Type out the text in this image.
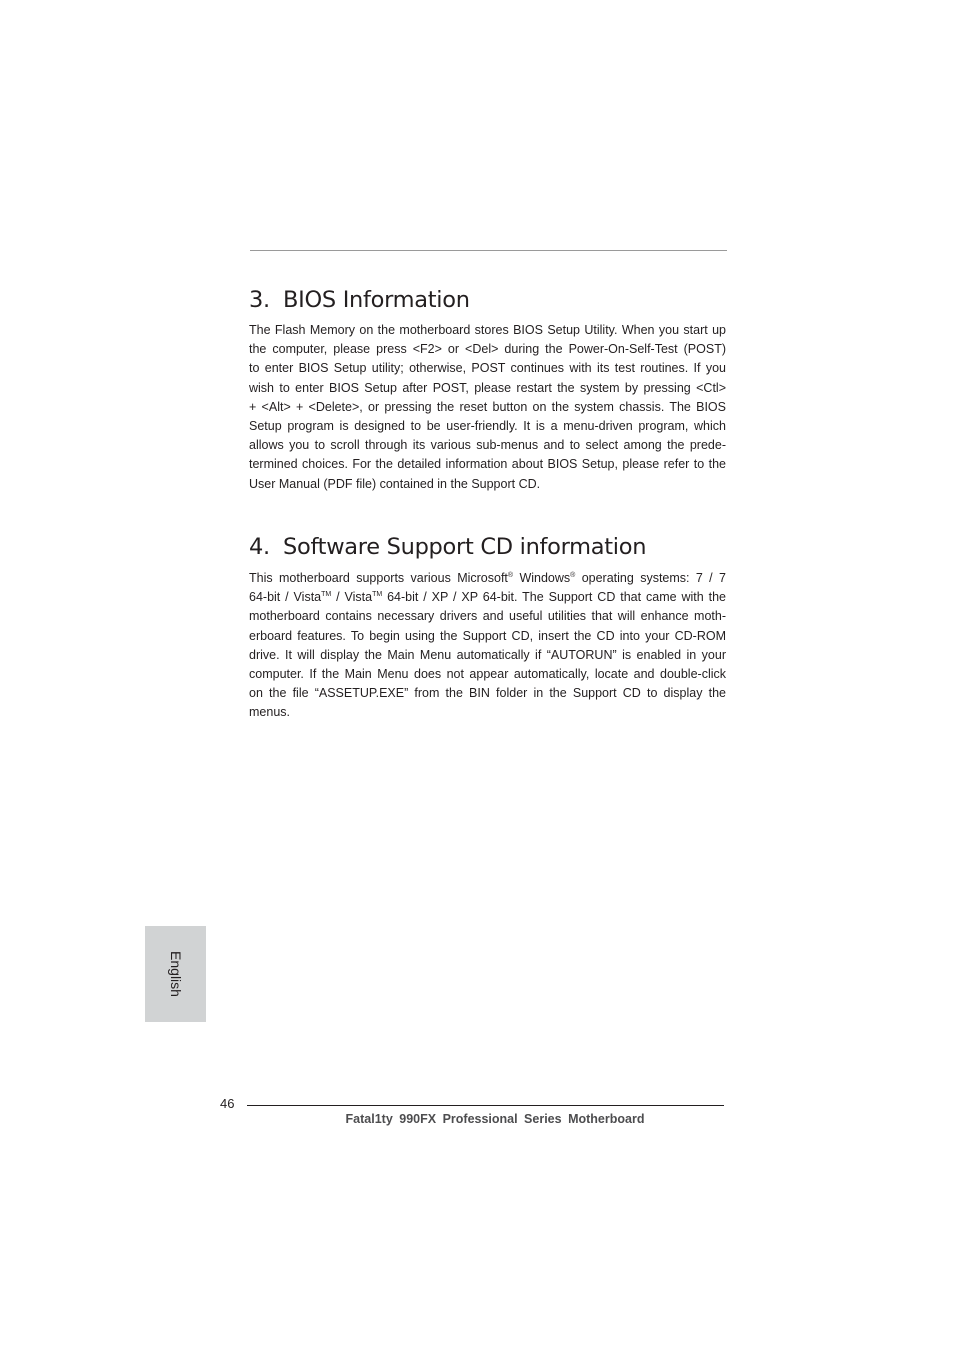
3. BIOS Information

The Flash Memory on the motherboard stores BIOS Setup Utility. When you start up
the computer, please press <F2> or <Del> during the Power-On-Self-Test (POST)
to enter BIOS Setup utility; otherwise, POST continues with its test routines. If you
wish to enter BIOS Setup after POST, please restart the system by pressing <Ctl>
+ <Alt> + <Delete>, or pressing the reset button on the system chassis. The BIOS
Setup program is designed to be user-friendly. It is a menu-driven program, which
allows you to scroll through its various sub-menus and to select among the prede-
termined choices. For the detailed information about BIOS Setup, please refer to the
User Manual (PDF file) contained in the Support CD.

4. Software Support CD information

This motherboard supports various Microsoft® Windows® operating systems: 7 / 7
64-bit / Vista™ / Vista™ 64-bit / XP / XP 64-bit. The Support CD that came with the
motherboard contains necessary drivers and useful utilities that will enhance moth-
erboard features. To begin using the Support CD, insert the CD into your CD-ROM
drive. It will display the Main Menu automatically if “AUTORUN” is enabled in your
computer. If the Main Menu does not appear automatically, locate and double-click
on the file “ASSETUP.EXE” from the BIN folder in the Support CD to display the
menus.

English
46
Fatal1ty 990FX Professional Series Motherboard
